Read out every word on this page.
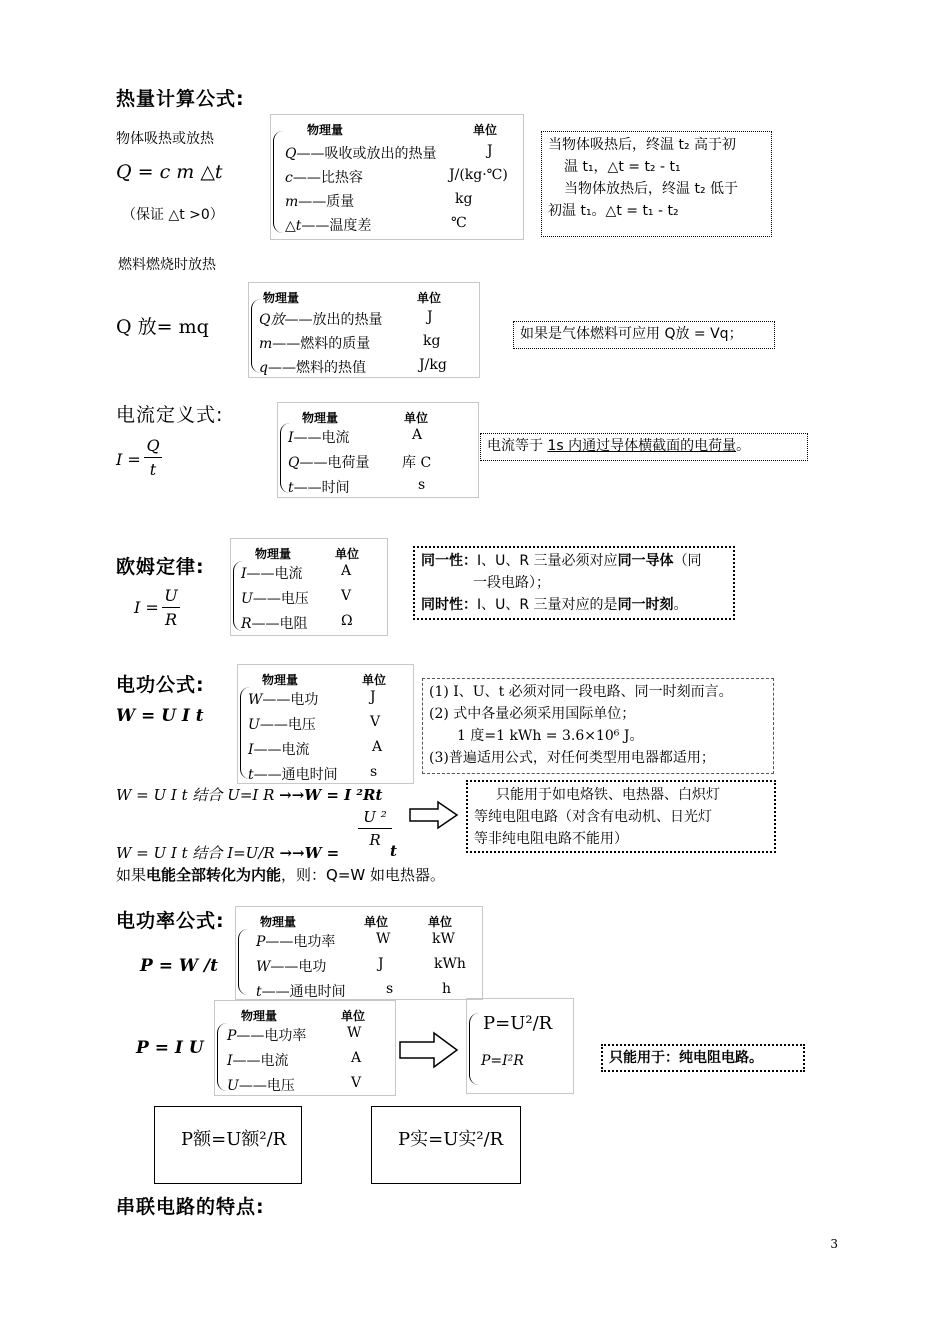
热量计算公式:
物体吸热或放热
Q = c m △t
（保证 △t >0）
物理量	单位
Q——吸收或放出的热量	J
c——比热容	J/(kg·℃)
m——质量	kg
△t——温度差	℃
当物体吸热后，终温 t₂ 高于初
温 t₁，△t = t₂ - t₁
当物体放热后，终温 t₂ 低于
初温 t₁。△t = t₁ - t₂
燃料燃烧时放热
Q 放= mq
物理量	单位
Q放——放出的热量	J
m——燃料的质量	kg
q——燃料的热值	J/kg
如果是气体燃料可应用 Q放 = Vq；
电流定义式:
I =
Q
t
物理量	单位
I——电流	A
Q——电荷量 库 C
t——时间	s
电流等于 1s 内通过导体横截面的电荷量。
欧姆定律:
I =
U
R
物理量	单位
I——电流	A
U——电压 V
R——电阻 Ω
同一性：I、U、R 三量必须对应同一导体（同
一段电路）；
同时性：I、U、R 三量对应的是同一时刻。
电功公式:
W = U I t
物理量	单位
W——电功	J
U——电压	V
I——电流	A
t——通电时间 s
(1) I、U、t 必须对同一段电路、同一时刻而言。
(2) 式中各量必须采用国际单位；
1 度=1 kWh = 3.6×10⁶ J。
(3)普遍适用公式，对任何类型用电器都适用；
W = U I t 结合 U=I R →→W = I ²Rt
W = U I t 结合 I=U/R →→W =
U ²
R
t
只能用于如电烙铁、电热器、白炽灯
等纯电阻电路（对含有电动机、日光灯
等非纯电阻电路不能用）
如果电能全部转化为内能，则：Q=W 如电热器。
电功率公式:
P = W /t
物理量	单位	单位
P——电功率	W	kW
W——电功	J	kWh
t——通电时间	s	h
P = I U
物理量	单位
P——电功率	W
I——电流	A
U——电压	V
P=U²/R
P=I²R	只能用于：纯电阻电路。
P额=U额²/R	P实=U实²/R
串联电路的特点:
3
